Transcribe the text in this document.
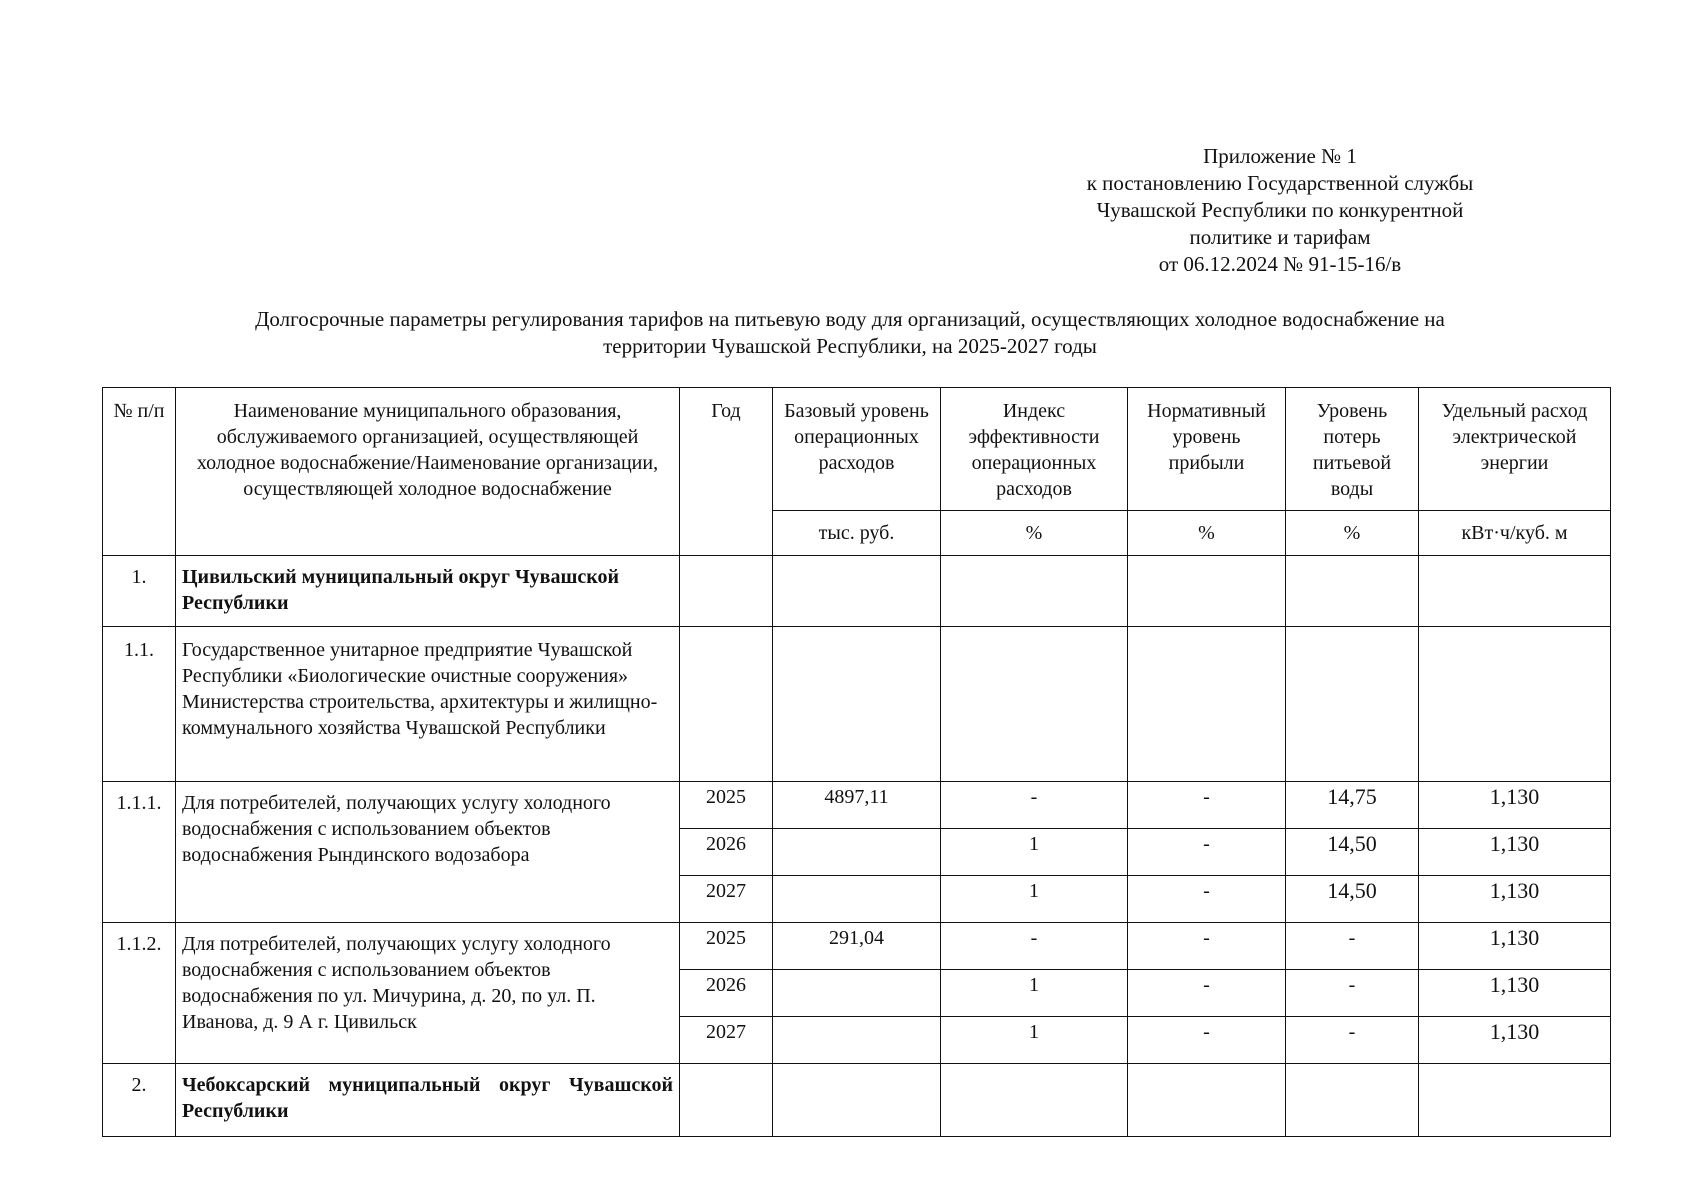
Приложение № 1
к постановлению Государственной службы
Чувашской Республики по конкурентной
политике и тарифам
от 06.12.2024 № 91-15-16/в
Долгосрочные параметры регулирования тарифов на питьевую воду для организаций, осуществляющих холодное водоснабжение на
территории Чувашской Республики, на 2025-2027 годы
№ п/п	Наименование муниципального образования, обслуживаемого организацией, осуществляющей холодное водоснабжение/Наименование организации, осуществляющей холодное водоснабжение	Год	Базовый уровень операционных расходов	Индекс эффективности операционных расходов	Нормативный уровень прибыли	Уровень потерь питьевой воды	Удельный расход электрической энергии
			тыс. руб.	%	%	%	кВт·ч/куб. м
1.	Цивильский муниципальный округ Чувашской Республики						
1.1.	Государственное унитарное предприятие Чувашской Республики «Биологические очистные сооружения» Министерства строительства, архитектуры и жилищно-коммунального хозяйства Чувашской Республики						
1.1.1.	Для потребителей, получающих услугу холодного водоснабжения с использованием объектов водоснабжения Рындинского водозабора	2025	4897,11	-	-	14,75	1,130
		2026		1	-	14,50	1,130
		2027		1	-	14,50	1,130
1.1.2.	Для потребителей, получающих услугу холодного водоснабжения с использованием объектов водоснабжения по ул. Мичурина, д. 20, по ул. П. Иванова, д. 9 А г. Цивильск	2025	291,04	-	-	-	1,130
		2026		1	-	-	1,130
		2027		1	-	-	1,130
2.	Чебоксарский муниципальный округ Чувашской Республики						
